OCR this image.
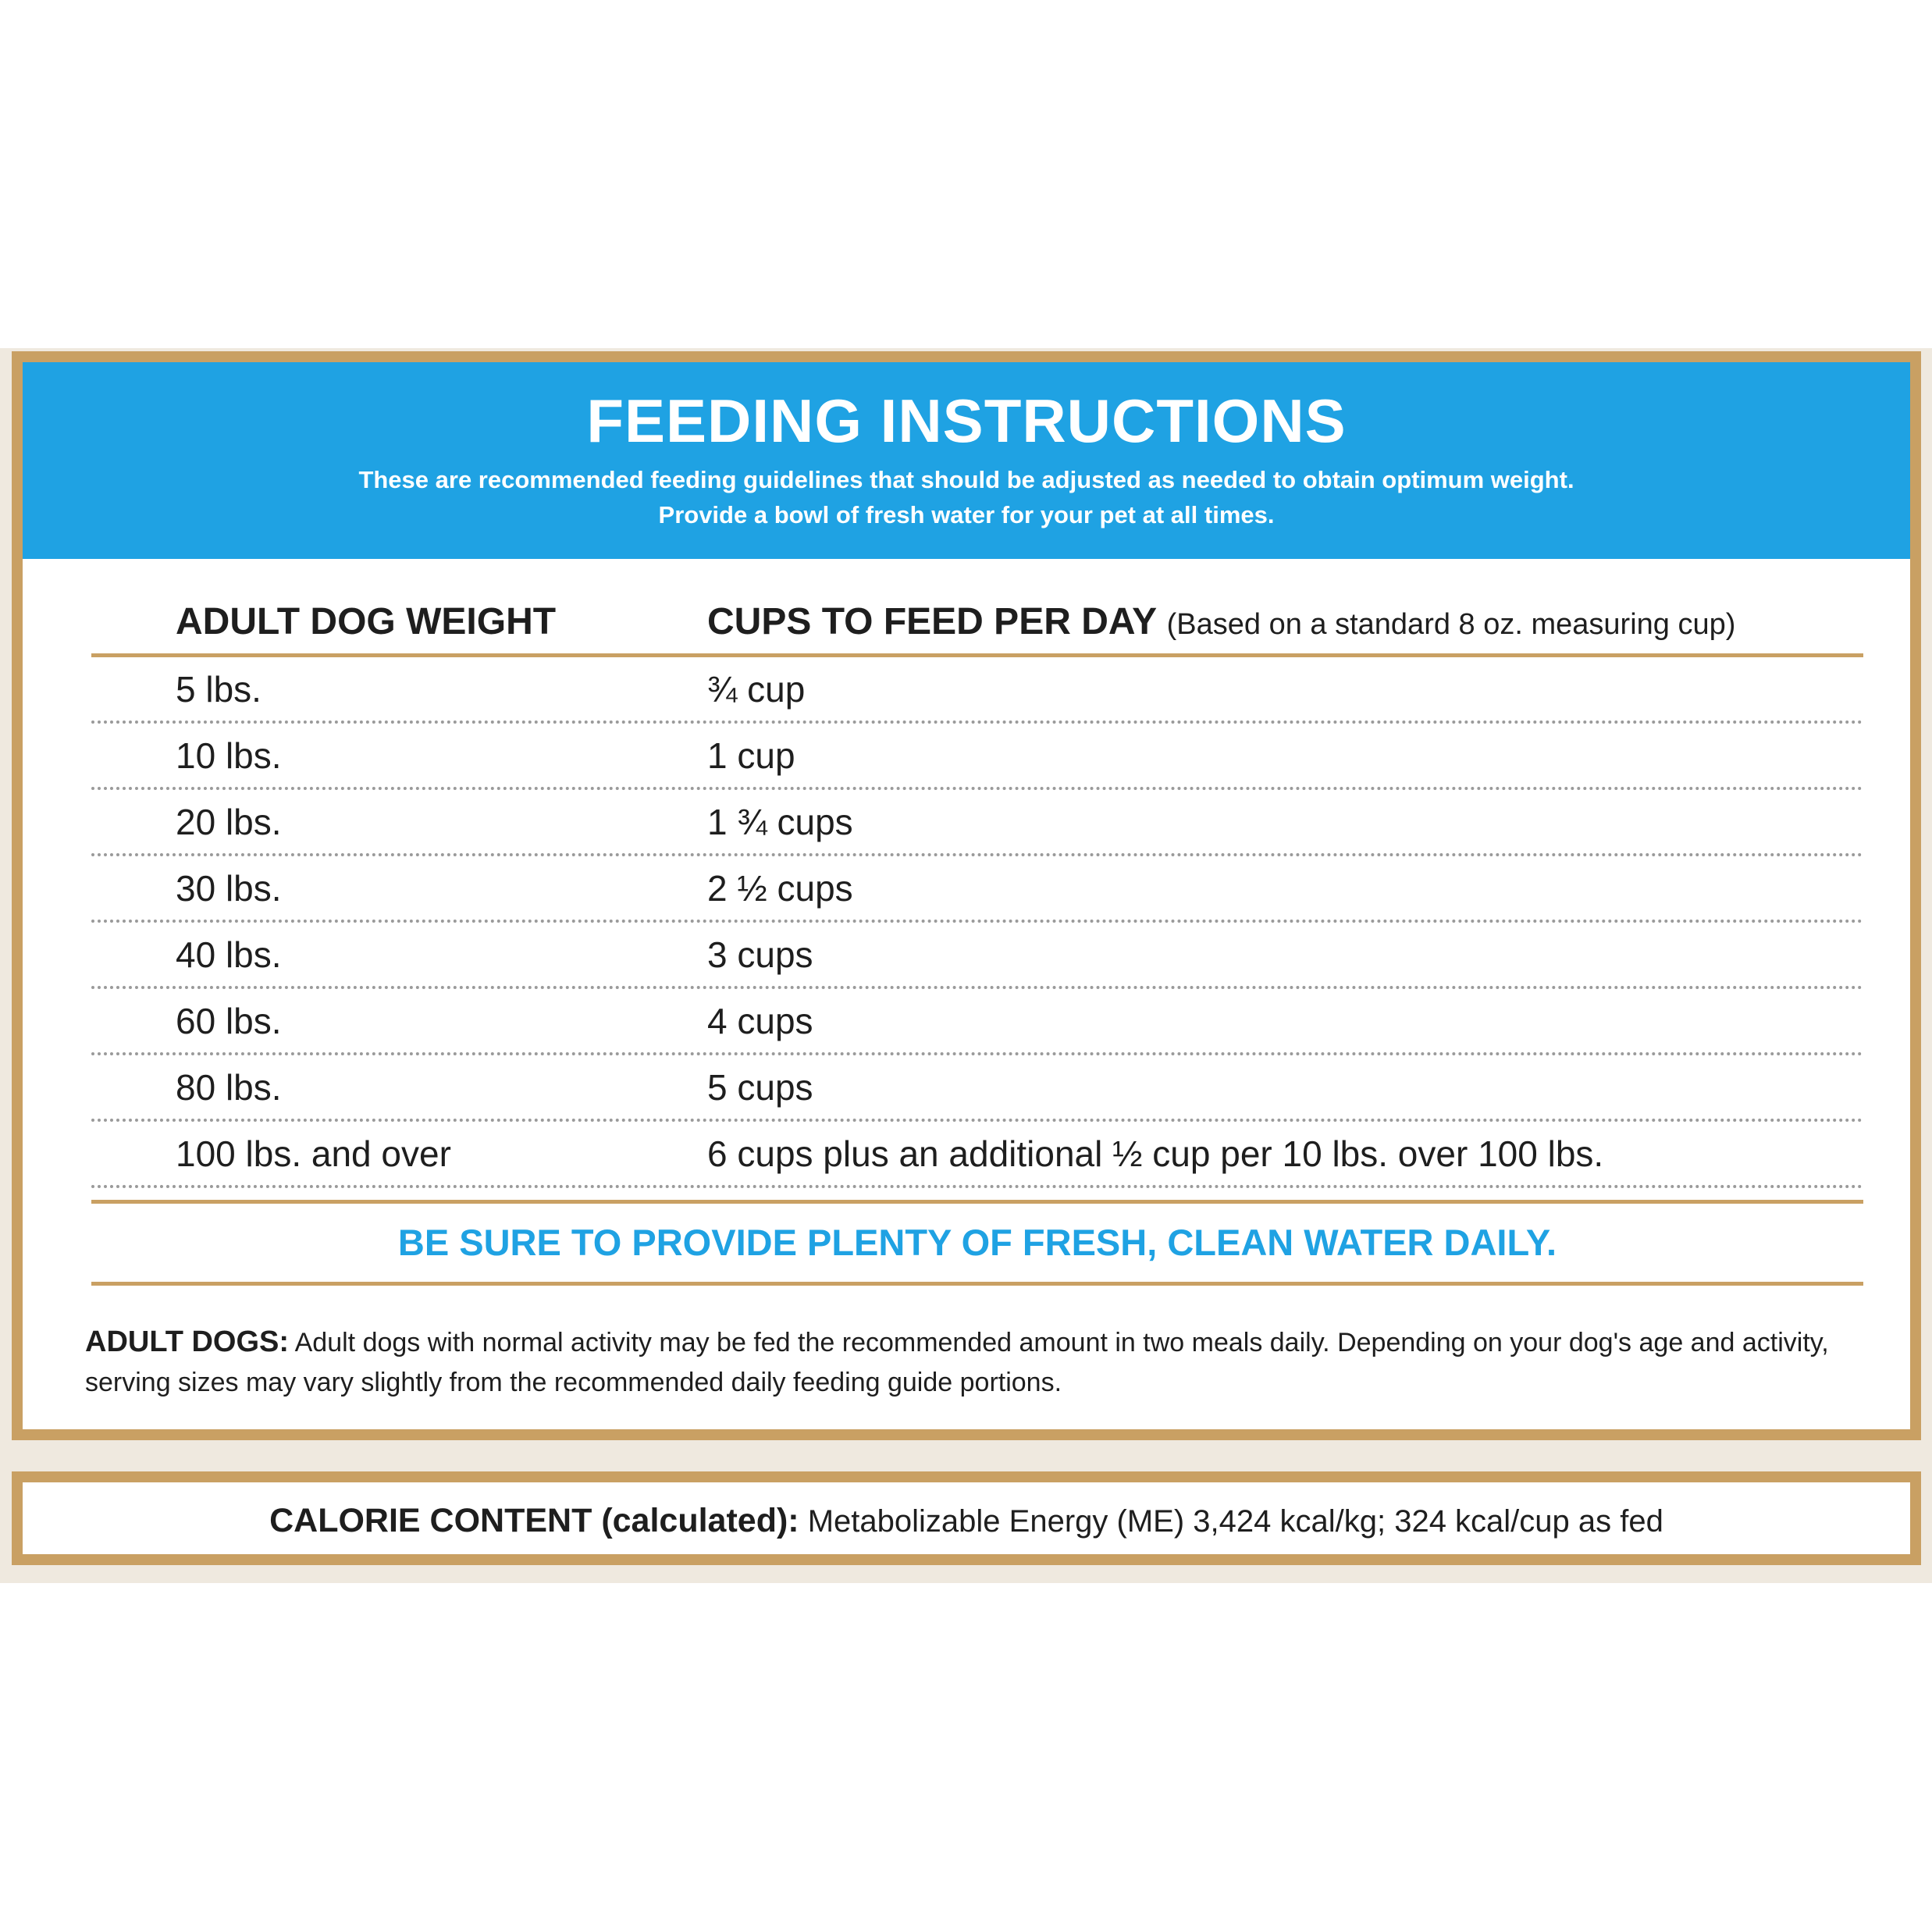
FEEDING INSTRUCTIONS
These are recommended feeding guidelines that should be adjusted as needed to obtain optimum weight.
Provide a bowl of fresh water for your pet at all times.
ADULT DOG WEIGHT	CUPS TO FEED PER DAY (Based on a standard 8 oz. measuring cup)
5 lbs.	¾ cup
10 lbs.	1 cup
20 lbs.	1 ¾ cups
30 lbs.	2 ½ cups
40 lbs.	3 cups
60 lbs.	4 cups
80 lbs.	5 cups
100 lbs. and over	6 cups plus an additional ½ cup per 10 lbs. over 100 lbs.
BE SURE TO PROVIDE PLENTY OF FRESH, CLEAN WATER DAILY.
ADULT DOGS: Adult dogs with normal activity may be fed the recommended amount in two meals daily. Depending on your dog's age and activity, serving sizes may vary slightly from the recommended daily feeding guide portions.
CALORIE CONTENT (calculated): Metabolizable Energy (ME) 3,424 kcal/kg; 324 kcal/cup as fed
